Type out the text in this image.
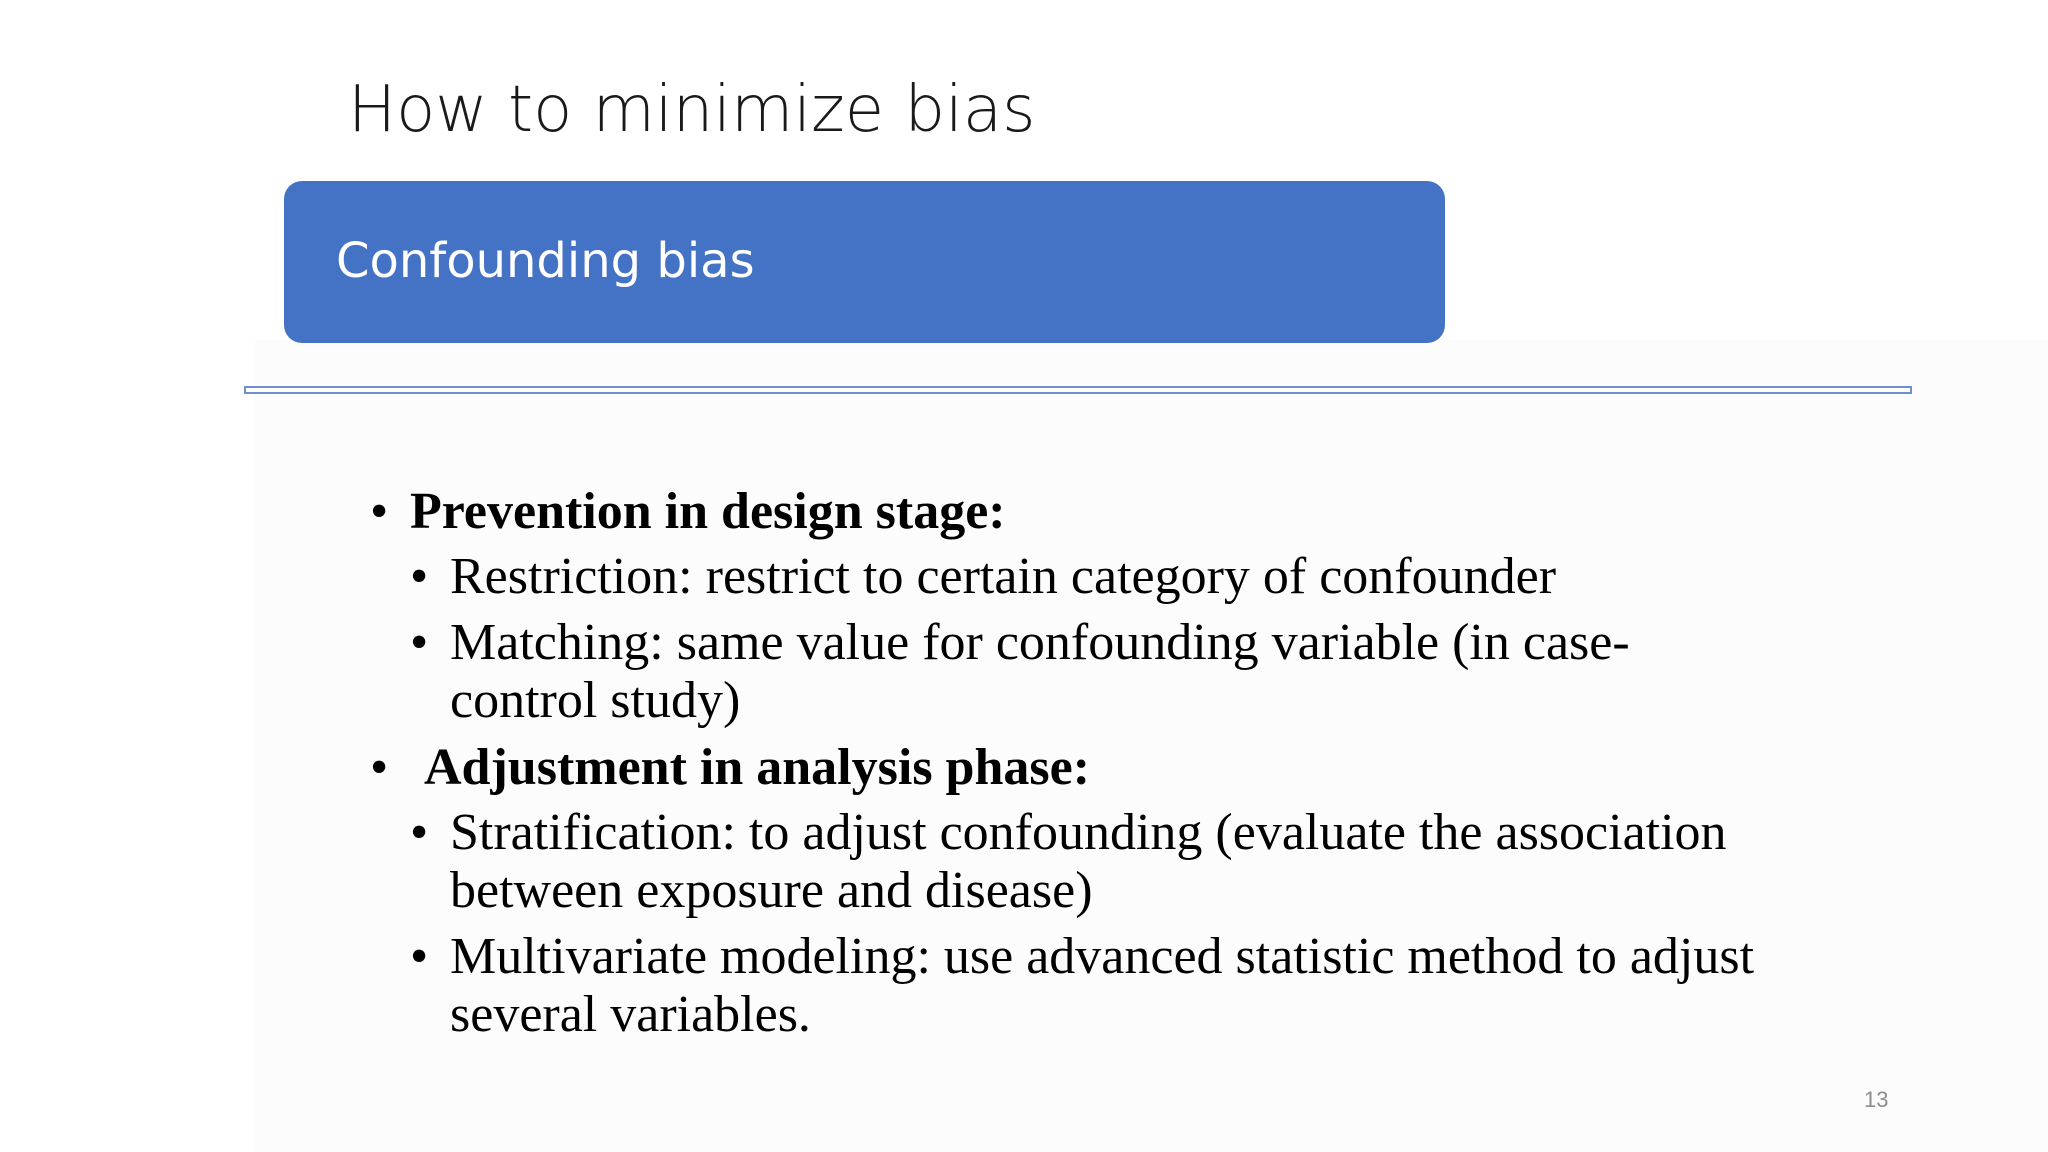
How to minimize bias
Confounding bias
• Prevention in design stage:
• Restriction: restrict to certain category of confounder
• Matching: same value for confounding variable (in case-control study)
• Adjustment in analysis phase:
• Stratification: to adjust confounding (evaluate the association between exposure and disease)
• Multivariate modeling: use advanced statistic method to adjust several variables.
13
